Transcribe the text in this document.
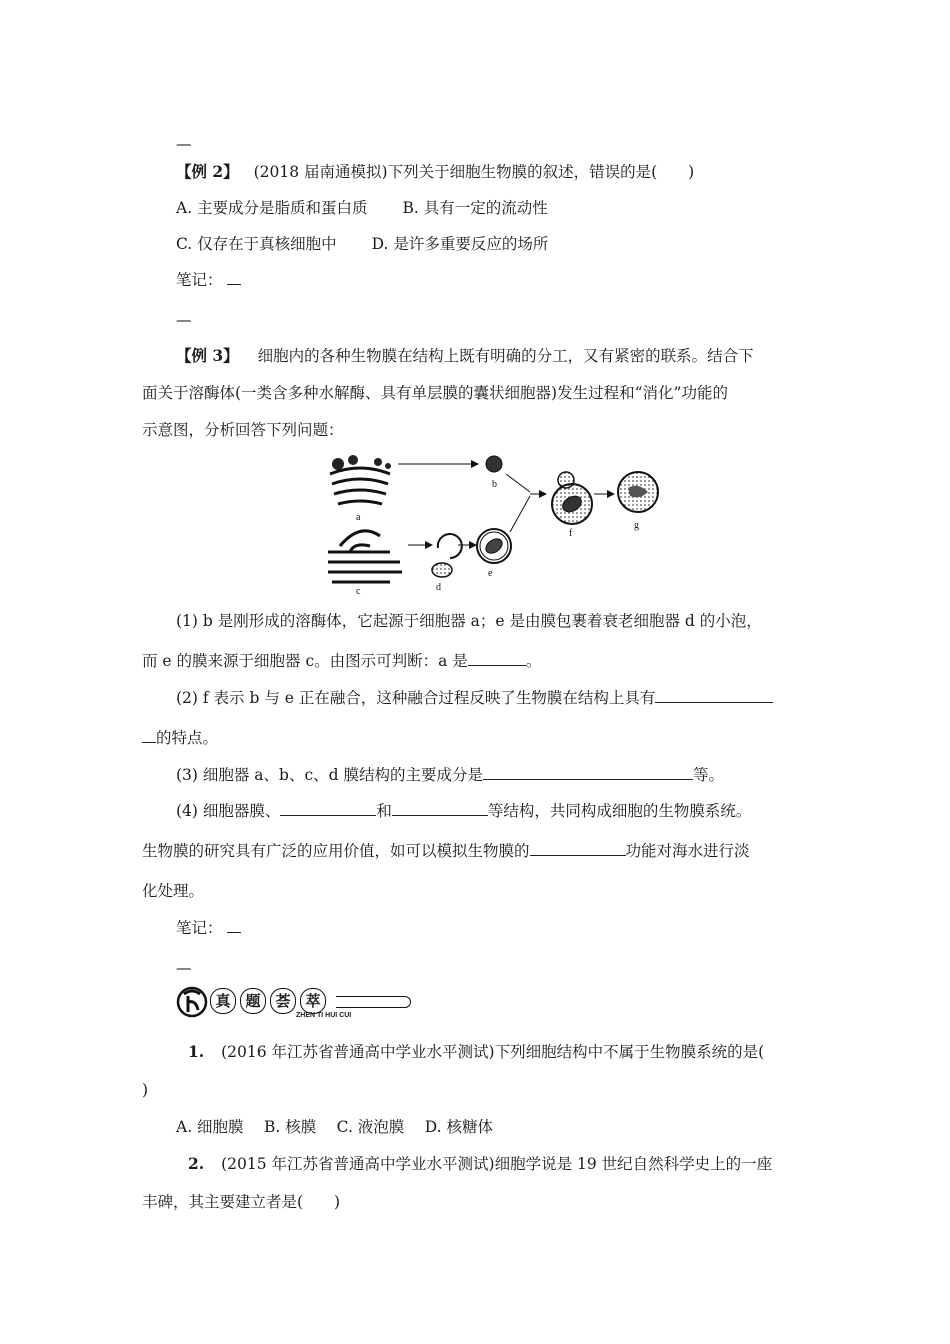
—
【例 2】 (2018 届南通模拟)下列关于细胞生物膜的叙述，错误的是(　　)
A. 主要成分是脂质和蛋白质 B. 具有一定的流动性
C. 仅存在于真核细胞中 D. 是许多重要反应的场所
笔记：
—
【例 3】 细胞内的各种生物膜在结构上既有明确的分工，又有紧密的联系。结合下
面关于溶酶体(一类含多种水解酶、具有单层膜的囊状细胞器)发生过程和“消化”功能的
示意图，分析回答下列问题：
a
b
c	d
e
f
g
(1) b 是刚形成的溶酶体，它起源于细胞器 a；e 是由膜包裹着衰老细胞器 d 的小泡，
而 e 的膜来源于细胞器 c。由图示可判断：a 是	。
(2) f 表示 b 与 e 正在融合，这种融合过程反映了生物膜在结构上具有
的特点。
(3) 细胞器 a、b、c、d 膜结构的主要成分是	等。
(4) 细胞器膜、	和	等结构，共同构成细胞的生物膜系统。
生物膜的研究具有广泛的应用价值，如可以模拟生物膜的	功能对海水进行淡
化处理。
笔记：
—
真 题 荟 萃
ZHEN TI HUI CUI
1. (2016 年江苏省普通高中学业水平测试)下列细胞结构中不属于生物膜系统的是(
)
A. 细胞膜　 B. 核膜　 C. 液泡膜　 D. 核糖体
2. (2015 年江苏省普通高中学业水平测试)细胞学说是 19 世纪自然科学史上的一座
丰碑，其主要建立者是(　　)
